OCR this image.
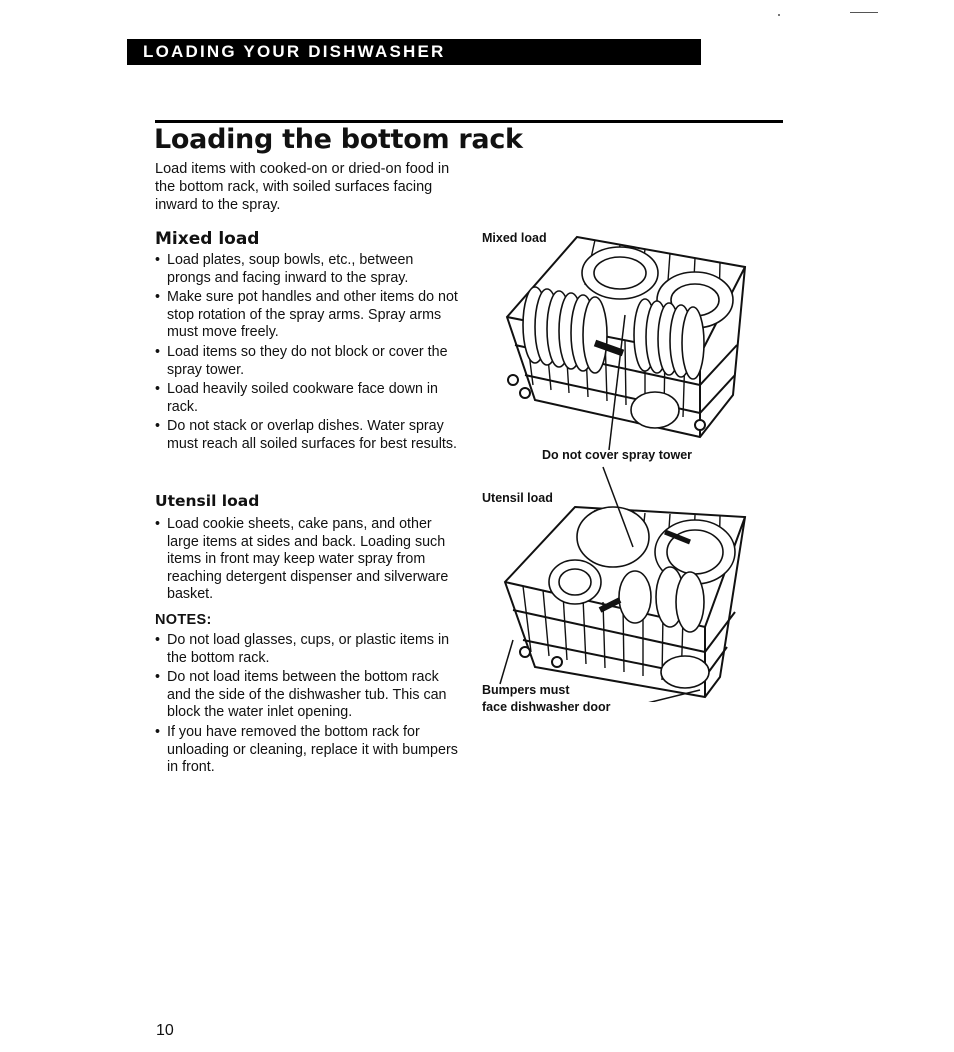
LOADING YOUR DISHWASHER
Loading the bottom rack

Load items with cooked-on or dried-on food in the bottom rack, with soiled surfaces facing inward to the spray.

Mixed load
• Load plates, soup bowls, etc., between prongs and facing inward to the spray.
• Make sure pot handles and other items do not stop rotation of the spray arms. Spray arms must move freely.
• Load items so they do not block or cover the spray tower.
• Load heavily soiled cookware face down in rack.
• Do not stack or overlap dishes. Water spray must reach all soiled surfaces for best results.
Utensil load
• Load cookie sheets, cake pans, and other large items at sides and back. Loading such items in front may keep water spray from reaching detergent dispenser and silverware basket.

NOTES:

• Do not load glasses, cups, or plastic items in the bottom rack.
• Do not load items between the bottom rack and the side of the dishwasher tub. This can block the water inlet opening.
• If you have removed the bottom rack for unloading or cleaning, replace it with bumpers in front.
Mixed load
Do not cover spray tower
Utensil load
Bumpers must
face dishwasher door
10
